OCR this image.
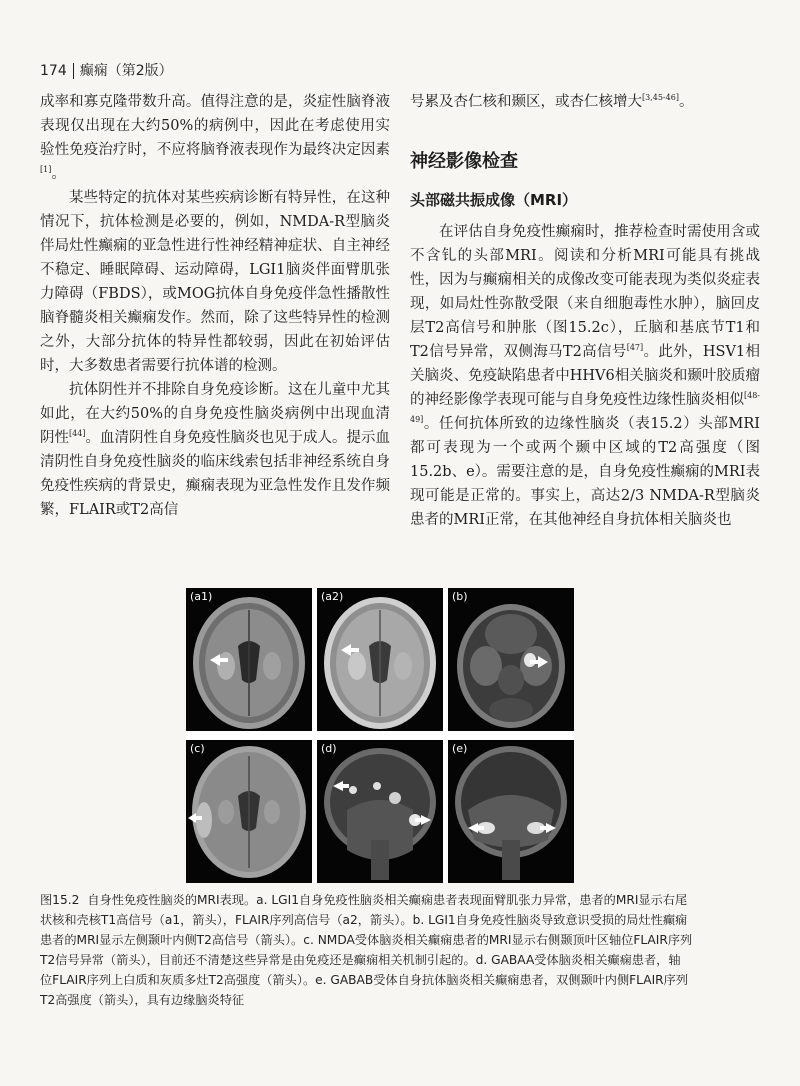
174 癫痫（第2版）

成率和寡克隆带数升高。值得注意的是，炎症性脑脊液表现仅出现在大约50%的病例中，因此在考虑使用实验性免疫治疗时，不应将脑脊液表现作为最终决定因素[1]。

某些特定的抗体对某些疾病诊断有特异性，在这种情况下，抗体检测是必要的，例如，NMDA-R型脑炎伴局灶性癫痫的亚急性进行性神经精神症状、自主神经不稳定、睡眠障碍、运动障碍，LGI1脑炎伴面臂肌张力障碍（FBDS），或MOG抗体自身免疫伴急性播散性脑脊髓炎相关癫痫发作。然而，除了这些特异性的检测之外，大部分抗体的特异性都较弱，因此在初始评估时，大多数患者需要行抗体谱的检测。

抗体阴性并不排除自身免疫诊断。这在儿童中尤其如此，在大约50%的自身免疫性脑炎病例中出现血清阴性[44]。血清阴性自身免疫性脑炎也见于成人。提示血清阴性自身免疫性脑炎的临床线索包括非神经系统自身免疫性疾病的背景史，癫痫表现为亚急性发作且发作频繁，FLAIR或T2高信

号累及杏仁核和颞区，或杏仁核增大[3,45-46]。

神经影像检查
头部磁共振成像（MRI）

在评估自身免疫性癫痫时，推荐检查时需使用含或不含钆的头部MRI。阅读和分析MRI可能具有挑战性，因为与癫痫相关的成像改变可能表现为类似炎症表现，如局灶性弥散受限（来自细胞毒性水肿），脑回皮层T2高信号和肿胀（图15.2c），丘脑和基底节T1和T2信号异常，双侧海马T2高信号[47]。此外，HSV1相关脑炎、免疫缺陷患者中HHV6相关脑炎和颞叶胶质瘤的神经影像学表现可能与自身免疫性边缘性脑炎相似[48-49]。任何抗体所致的边缘性脑炎（表15.2）头部MRI都可表现为一个或两个颞中区域的T2高强度（图15.2b、e）。需要注意的是，自身免疫性癫痫的MRI表现可能是正常的。事实上，高达2/3 NMDA-R型脑炎患者的MRI正常，在其他神经自身抗体相关脑炎也

(a1)	(a2)	(b)
(c)	(d)	(e)
图15.2 自身性免疫性脑炎的MRI表现。a. LGI1自身免疫性脑炎相关癫痫患者表现面臂肌张力异常，患者的MRI显示右尾
状核和壳核T1高信号（a1，箭头），FLAIR序列高信号（a2，箭头）。b. LGI1自身免疫性脑炎导致意识受损的局灶性癫痫
患者的MRI显示左侧颞叶内侧T2高信号（箭头）。c. NMDA受体脑炎相关癫痫患者的MRI显示右侧颞顶叶区轴位FLAIR序列
T2信号异常（箭头），目前还不清楚这些异常是由免疫还是癫痫相关机制引起的。d. GABAA受体脑炎相关癫痫患者，轴
位FLAIR序列上白质和灰质多灶T2高强度（箭头）。e. GABAB受体自身抗体脑炎相关癫痫患者，双侧颞叶内侧FLAIR序列
T2高强度（箭头），具有边缘脑炎特征
